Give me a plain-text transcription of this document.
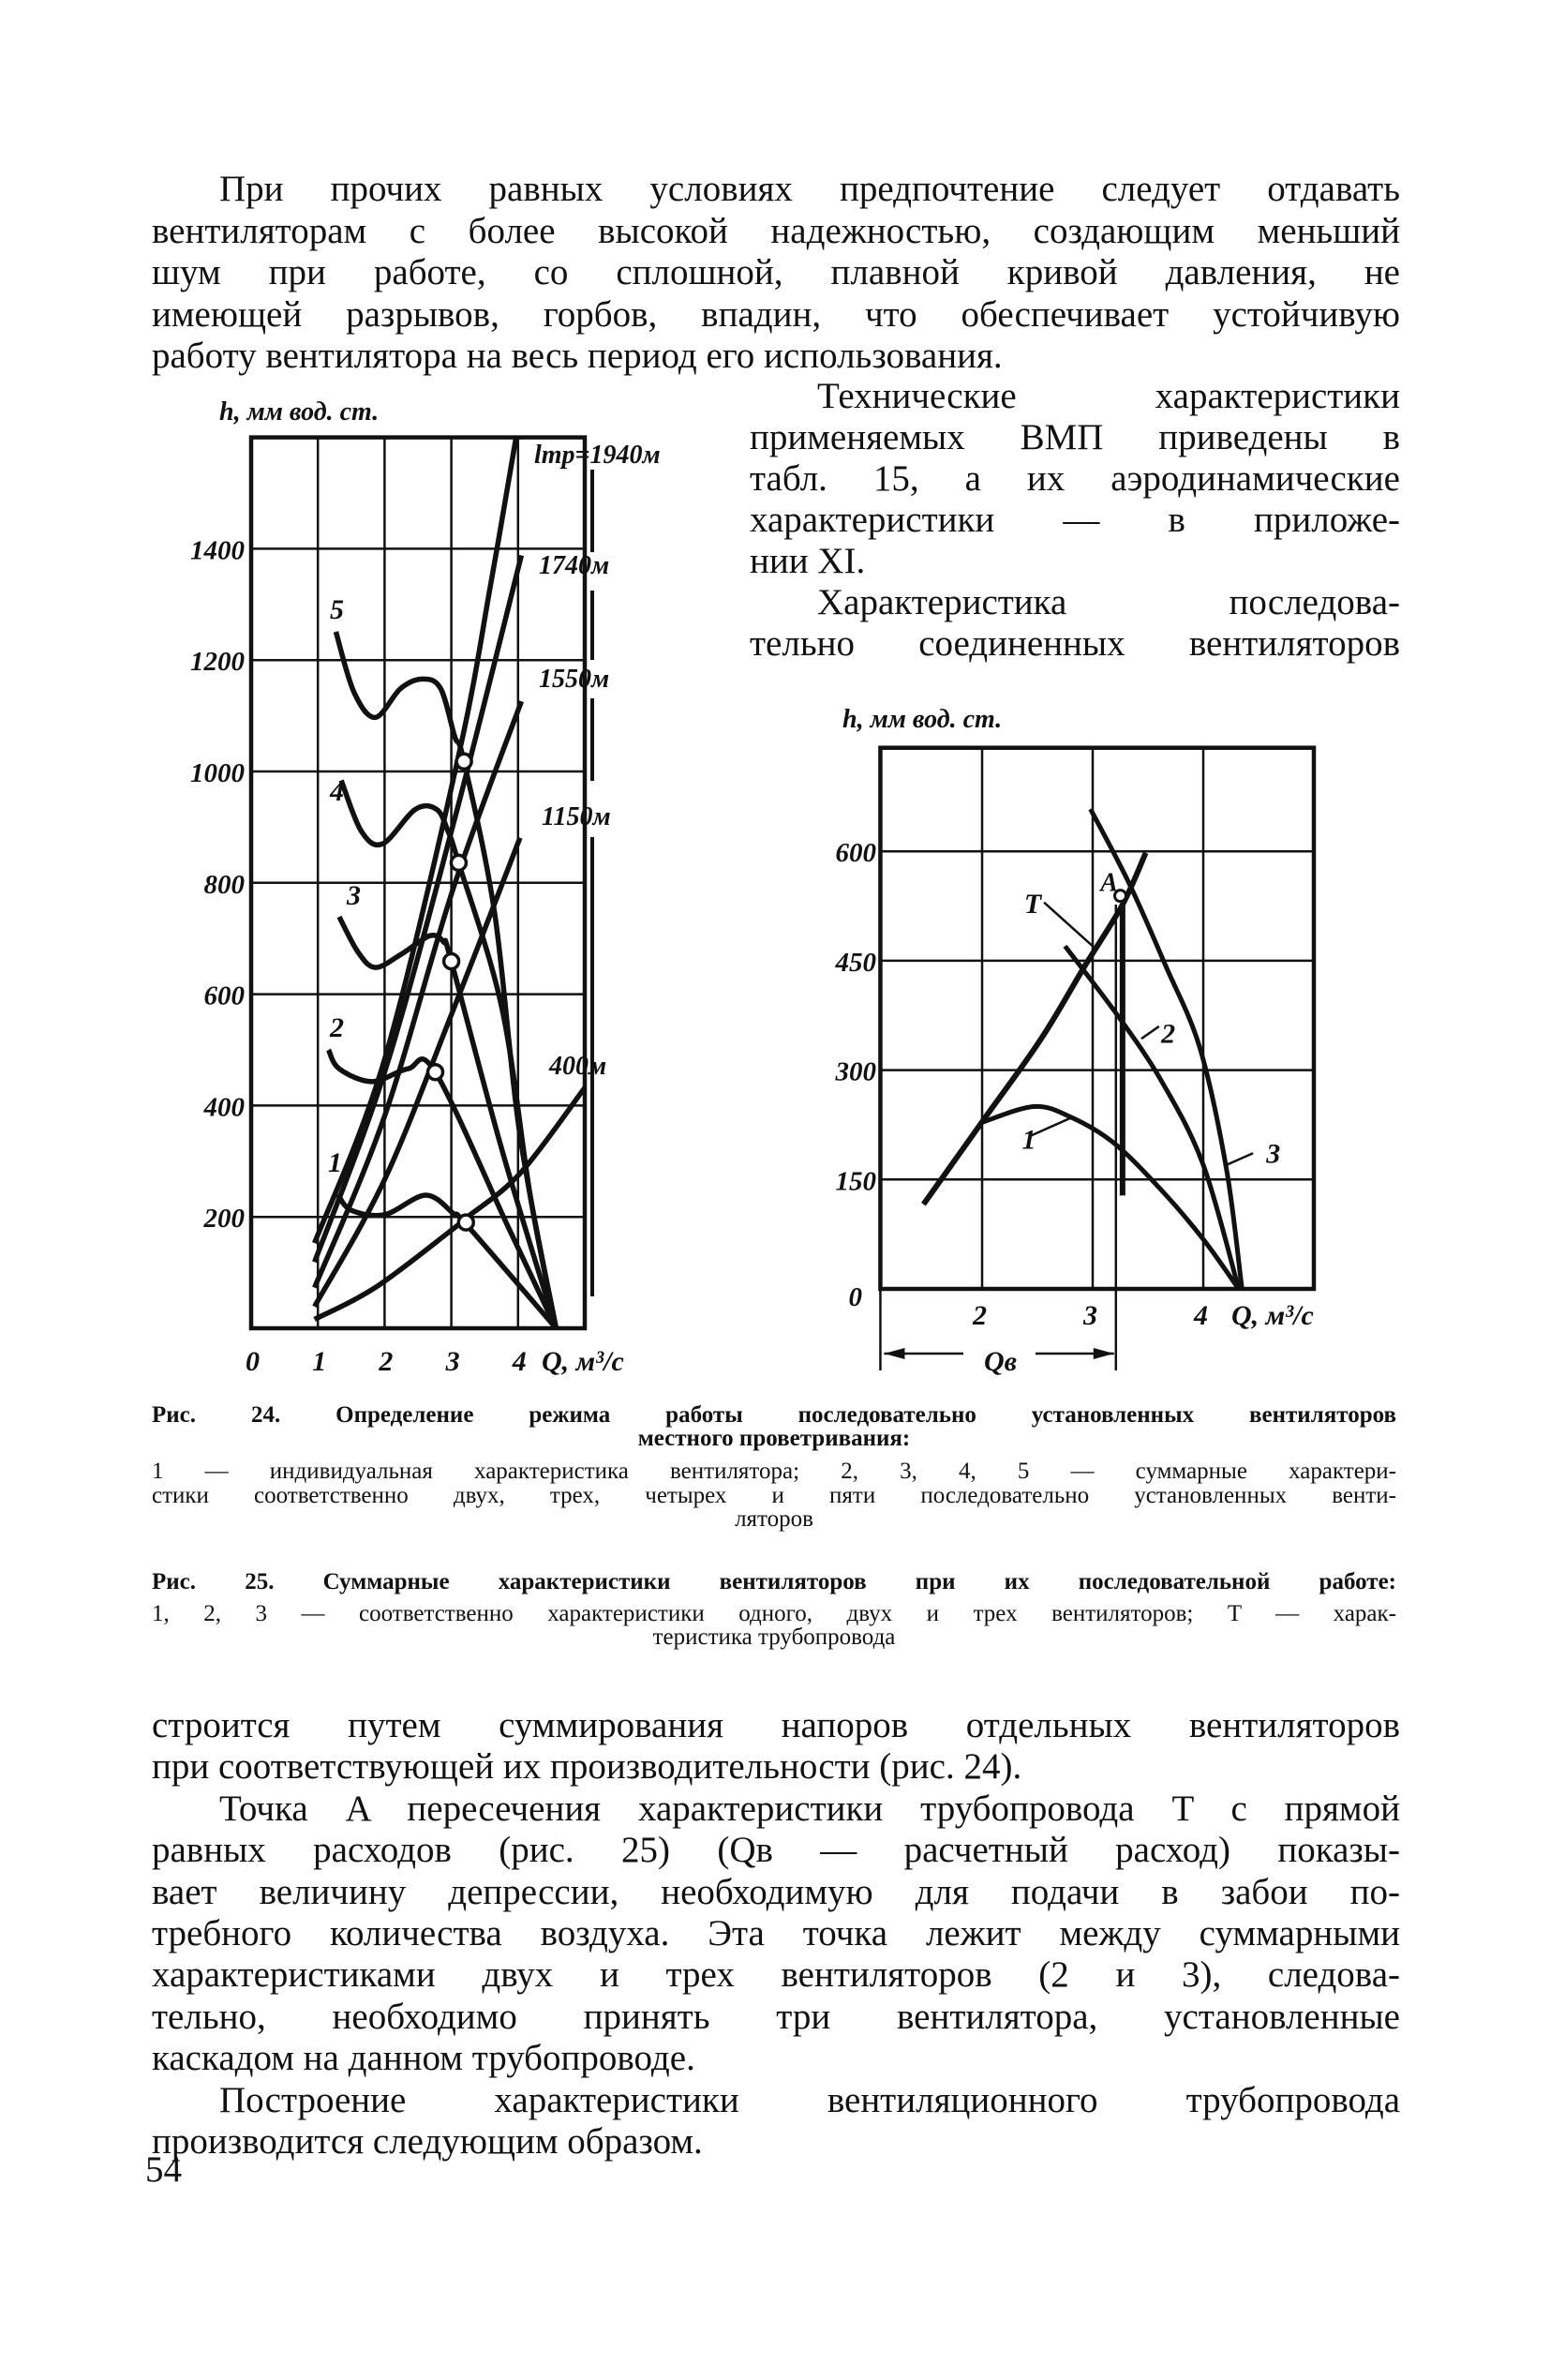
При прочих равных условиях предпочтение следует отдавать
вентиляторам с более высокой надежностью, создающим меньший
шум при работе, со сплошной, плавной кривой давления, не
имеющей разрывов, горбов, впадин, что обеспечивает устойчивую
работу вентилятора на весь период его использования.
Технические характеристики
применяемых ВМП приведены в
табл. 15, а их аэродинамические
характеристики — в приложе-
нии XI.
Характеристика последова-
тельно соединенных вентиляторов
0 1 2 3 4
200
400
600
800
1000
1200
1400
Q, м³/с
h, мм вод. ст.
400м
1150м
1550м
1740м
lтр=1940м
1
2
3
4
5
Qв
2	3	4
0
150
300
450
600
Q, м³/с
h, мм вод. ст.
A
1
2
3
T
Рис. 24. Определение режима работы последовательно установленных вентиляторов
местного проветривания:
1 — индивидуальная характеристика вентилятора; 2, 3, 4, 5 — суммарные характери-
стики соответственно двух, трех, четырех и пяти последовательно установленных венти-
ляторов
Рис. 25. Суммарные характеристики вентиляторов при их последовательной работе:
1, 2, 3 — соответственно характеристики одного, двух и трех вентиляторов; T — харак-
теристика трубопровода
строится путем суммирования напоров отдельных вентиляторов
при соответствующей их производительности (рис. 24).
Точка A пересечения характеристики трубопровода T с прямой
равных расходов (рис. 25) (Qв — расчетный расход) показы-
вает величину депрессии, необходимую для подачи в забои по-
требного количества воздуха. Эта точка лежит между суммарными
характеристиками двух и трех вентиляторов (2 и 3), следова-
тельно, необходимо принять три вентилятора, установленные
каскадом на данном трубопроводе.
Построение характеристики вентиляционного трубопровода
производится следующим образом.
54
